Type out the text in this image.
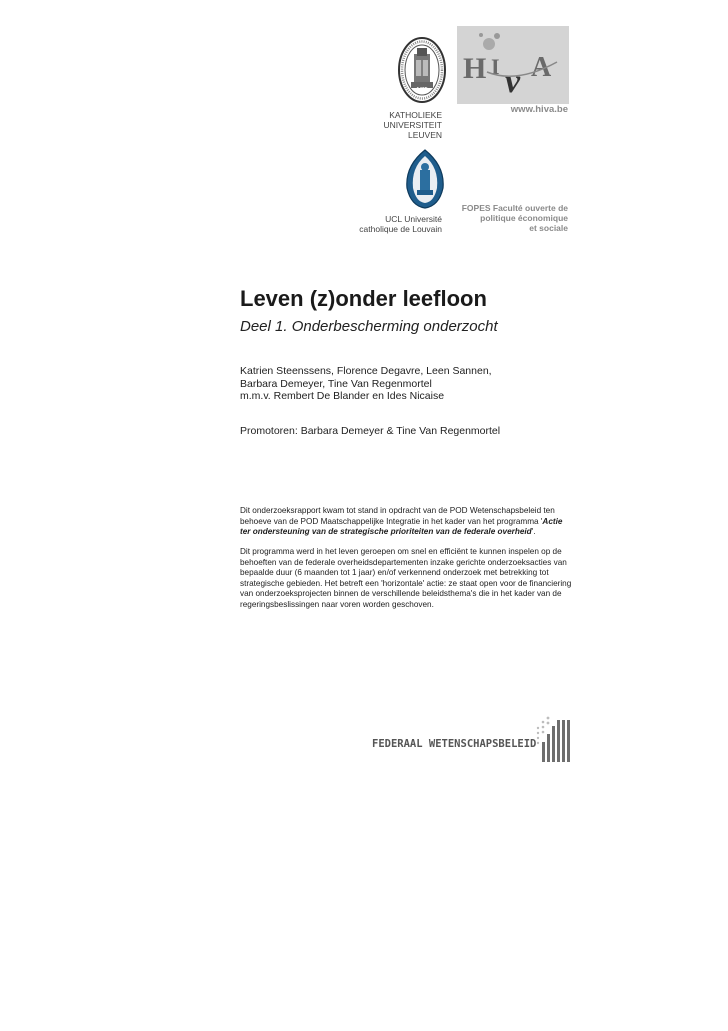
1425
KATHOLIEKE
UNIVERSITEIT
LEUVEN
H I v A
www.hiva.be
UCL Université
catholique de Louvain
FOPES Faculté ouverte de
politique économique
et sociale
Leven (z)onder leefloon
Deel 1. Onderbescherming onderzocht
Katrien Steenssens, Florence Degavre, Leen Sannen,
Barbara Demeyer, Tine Van Regenmortel
m.m.v. Rembert De Blander en Ides Nicaise
Promotoren: Barbara Demeyer & Tine Van Regenmortel
Dit onderzoeksrapport kwam tot stand in opdracht van de POD Wetenschapsbeleid ten behoeve van de POD Maatschappelijke Integratie in het kader van het programma 'Actie ter ondersteuning van de strategische prioriteiten van de federale overheid'.
Dit programma werd in het leven geroepen om snel en efficiënt te kunnen inspelen op de behoeften van de federale overheidsdepartementen inzake gerichte onderzoeksacties van bepaalde duur (6 maanden tot 1 jaar) en/of verkennend onderzoek met betrekking tot strategische gebieden. Het betreft een 'horizontale' actie: ze staat open voor de financiering van onderzoeksprojecten binnen de verschillende beleidsthema's die in het kader van de regeringsbeslissingen naar voren worden geschoven.
FEDERAAL WETENSCHAPSBELEID
